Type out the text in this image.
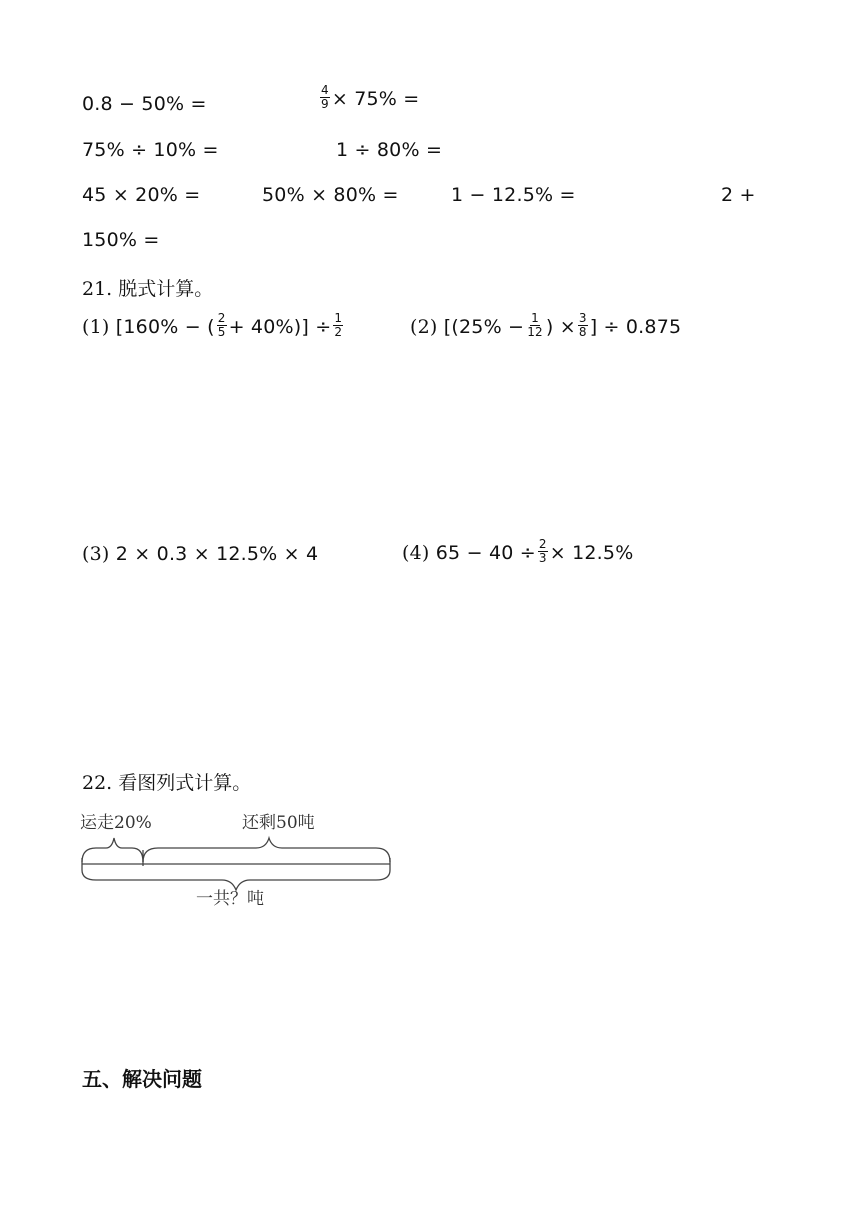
0.8 − 50% =	$\frac{4}{9} \times 75\%$ =
75% ÷ 10% =	1 ÷ 80% =
45 × 20% =	50% × 80% =	1 − 12.5% =	2 +
150% =
21. 脱式计算。
(1) [160% − ( $\frac{2}{5} + 40\%)] \div \frac{1}{2}$	(2) [($25\% - \frac{1}{12}$ ) × $\frac{3}{8}$ ] ÷ 0.875
(3) 2 × 0.3 × 12.5% × 4	(4) $65 - 40 \div \frac{2}{3} \times 12.5\%$
22. 看图列式计算。
运走20%	还剩50吨
一共？吨
五、解决问题
